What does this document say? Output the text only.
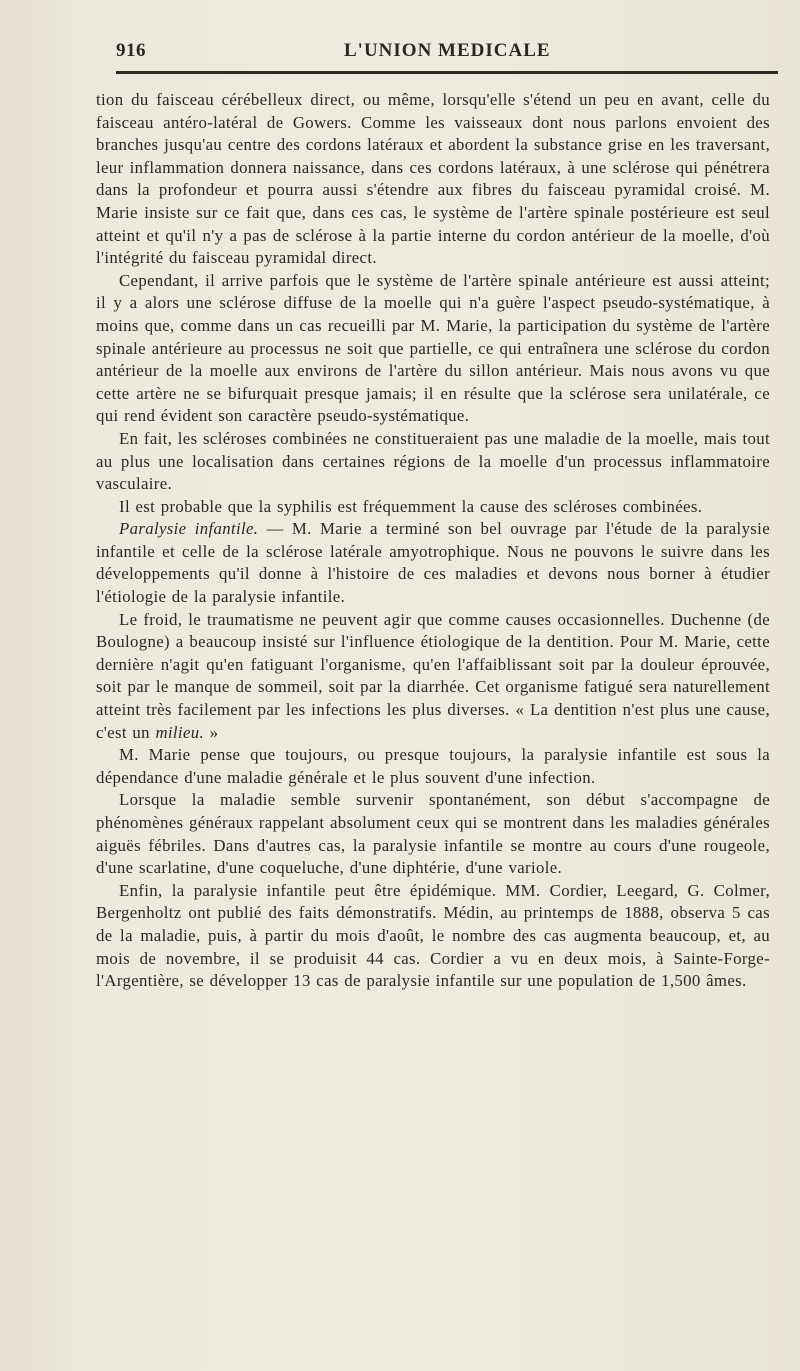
916	L'UNION MEDICALE

tion du faisceau cérébelleux direct, ou même, lorsqu'elle s'étend un peu en avant, celle du faisceau antéro-latéral de Gowers. Comme les vaisseaux dont nous parlons envoient des branches jusqu'au centre des cordons latéraux et abordent la substance grise en les traversant, leur inflammation donnera naissance, dans ces cordons latéraux, à une sclérose qui pénétrera dans la profondeur et pourra aussi s'étendre aux fibres du faisceau pyramidal croisé. M. Marie insiste sur ce fait que, dans ces cas, le système de l'artère spinale postérieure est seul atteint et qu'il n'y a pas de sclérose à la partie interne du cordon antérieur de la moelle, d'où l'intégrité du faisceau pyramidal direct.

Cependant, il arrive parfois que le système de l'artère spinale antérieure est aussi atteint; il y a alors une sclérose diffuse de la moelle qui n'a guère l'aspect pseudo-systématique, à moins que, comme dans un cas recueilli par M. Marie, la participation du système de l'artère spinale antérieure au processus ne soit que partielle, ce qui entraînera une sclérose du cordon antérieur de la moelle aux environs de l'artère du sillon antérieur. Mais nous avons vu que cette artère ne se bifurquait presque jamais; il en résulte que la sclérose sera unilatérale, ce qui rend évident son caractère pseudo-systématique.

En fait, les scléroses combinées ne constitueraient pas une maladie de la moelle, mais tout au plus une localisation dans certaines régions de la moelle d'un processus inflammatoire vasculaire.

Il est probable que la syphilis est fréquemment la cause des scléroses combinées.

Paralysie infantile. — M. Marie a terminé son bel ouvrage par l'étude de la paralysie infantile et celle de la sclérose latérale amyotrophique. Nous ne pouvons le suivre dans les développements qu'il donne à l'histoire de ces maladies et devons nous borner à étudier l'étiologie de la paralysie infantile.

Le froid, le traumatisme ne peuvent agir que comme causes occasionnelles. Duchenne (de Boulogne) a beaucoup insisté sur l'influence étiologique de la dentition. Pour M. Marie, cette dernière n'agit qu'en fatiguant l'organisme, qu'en l'affaiblissant soit par la douleur éprouvée, soit par le manque de sommeil, soit par la diarrhée. Cet organisme fatigué sera naturellement atteint très facilement par les infections les plus diverses. « La dentition n'est plus une cause, c'est un milieu. »

M. Marie pense que toujours, ou presque toujours, la paralysie infantile est sous la dépendance d'une maladie générale et le plus souvent d'une infection.

Lorsque la maladie semble survenir spontanément, son début s'accompagne de phénomènes généraux rappelant absolument ceux qui se montrent dans les maladies générales aiguës fébriles. Dans d'autres cas, la paralysie infantile se montre au cours d'une rougeole, d'une scarlatine, d'une coqueluche, d'une diphtérie, d'une variole.

Enfin, la paralysie infantile peut être épidémique. MM. Cordier, Leegard, G. Colmer, Bergenholtz ont publié des faits démonstratifs. Médin, au printemps de 1888, observa 5 cas de la maladie, puis, à partir du mois d'août, le nombre des cas augmenta beaucoup, et, au mois de novembre, il se produisit 44 cas. Cordier a vu en deux mois, à Sainte-Forge-l'Argentière, se développer 13 cas de paralysie infantile sur une population de 1,500 âmes.
